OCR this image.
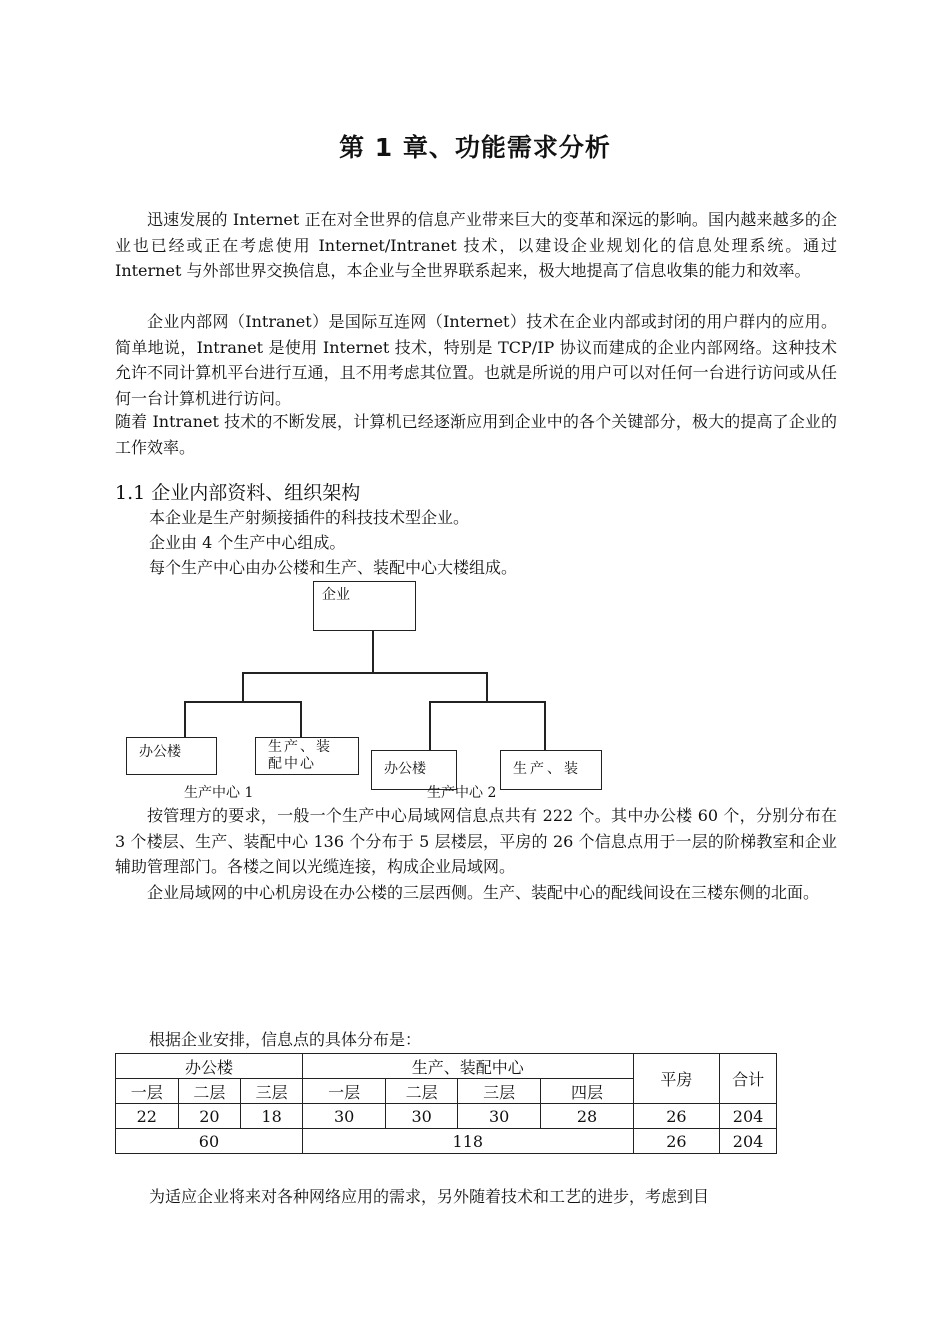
第 1 章、功能需求分析

迅速发展的 Internet 正在对全世界的信息产业带来巨大的变革和深远的影响。国内越来越多的企业也已经或正在考虑使用 Internet/Intranet 技术，以建设企业规划化的信息处理系统。通过 Internet 与外部世界交换信息，本企业与全世界联系起来，极大地提高了信息收集的能力和效率。

企业内部网（Intranet）是国际互连网（Internet）技术在企业内部或封闭的用户群内的应用。简单地说，Intranet 是使用 Internet 技术，特别是 TCP/IP 协议而建成的企业内部网络。这种技术允许不同计算机平台进行互通，且不用考虑其位置。也就是所说的用户可以对任何一台进行访问或从任何一台计算机进行访问。

随着 Intranet 技术的不断发展，计算机已经逐渐应用到企业中的各个关键部分，极大的提高了企业的工作效率。

1.1 企业内部资料、组织架构
本企业是生产射频接插件的科技技术型企业。
企业由 4 个生产中心组成。
每个生产中心由办公楼和生产、装配中心大楼组成。
企业
办公楼	生产、装配中心	办公楼	生产、装
生产中心 1	生产中心 2

按管理方的要求，一般一个生产中心局域网信息点共有 222 个。其中办公楼 60 个，分别分布在 3 个楼层、生产、装配中心 136 个分布于 5 层楼层，平房的 26 个信息点用于一层的阶梯教室和企业辅助管理部门。各楼之间以光缆连接，构成企业局域网。

企业局域网的中心机房设在办公楼的三层西侧。生产、装配中心的配线间设在三楼东侧的北面。

根据企业安排，信息点的具体分布是：
办公楼			生产、装配中心				平房	合计
一层	二层	三层	一层	二层	三层	四层		
22	20	18	30	30	30	28	26	204
60			118				26	204
为适应企业将来对各种网络应用的需求，另外随着技术和工艺的进步，考虑到目
